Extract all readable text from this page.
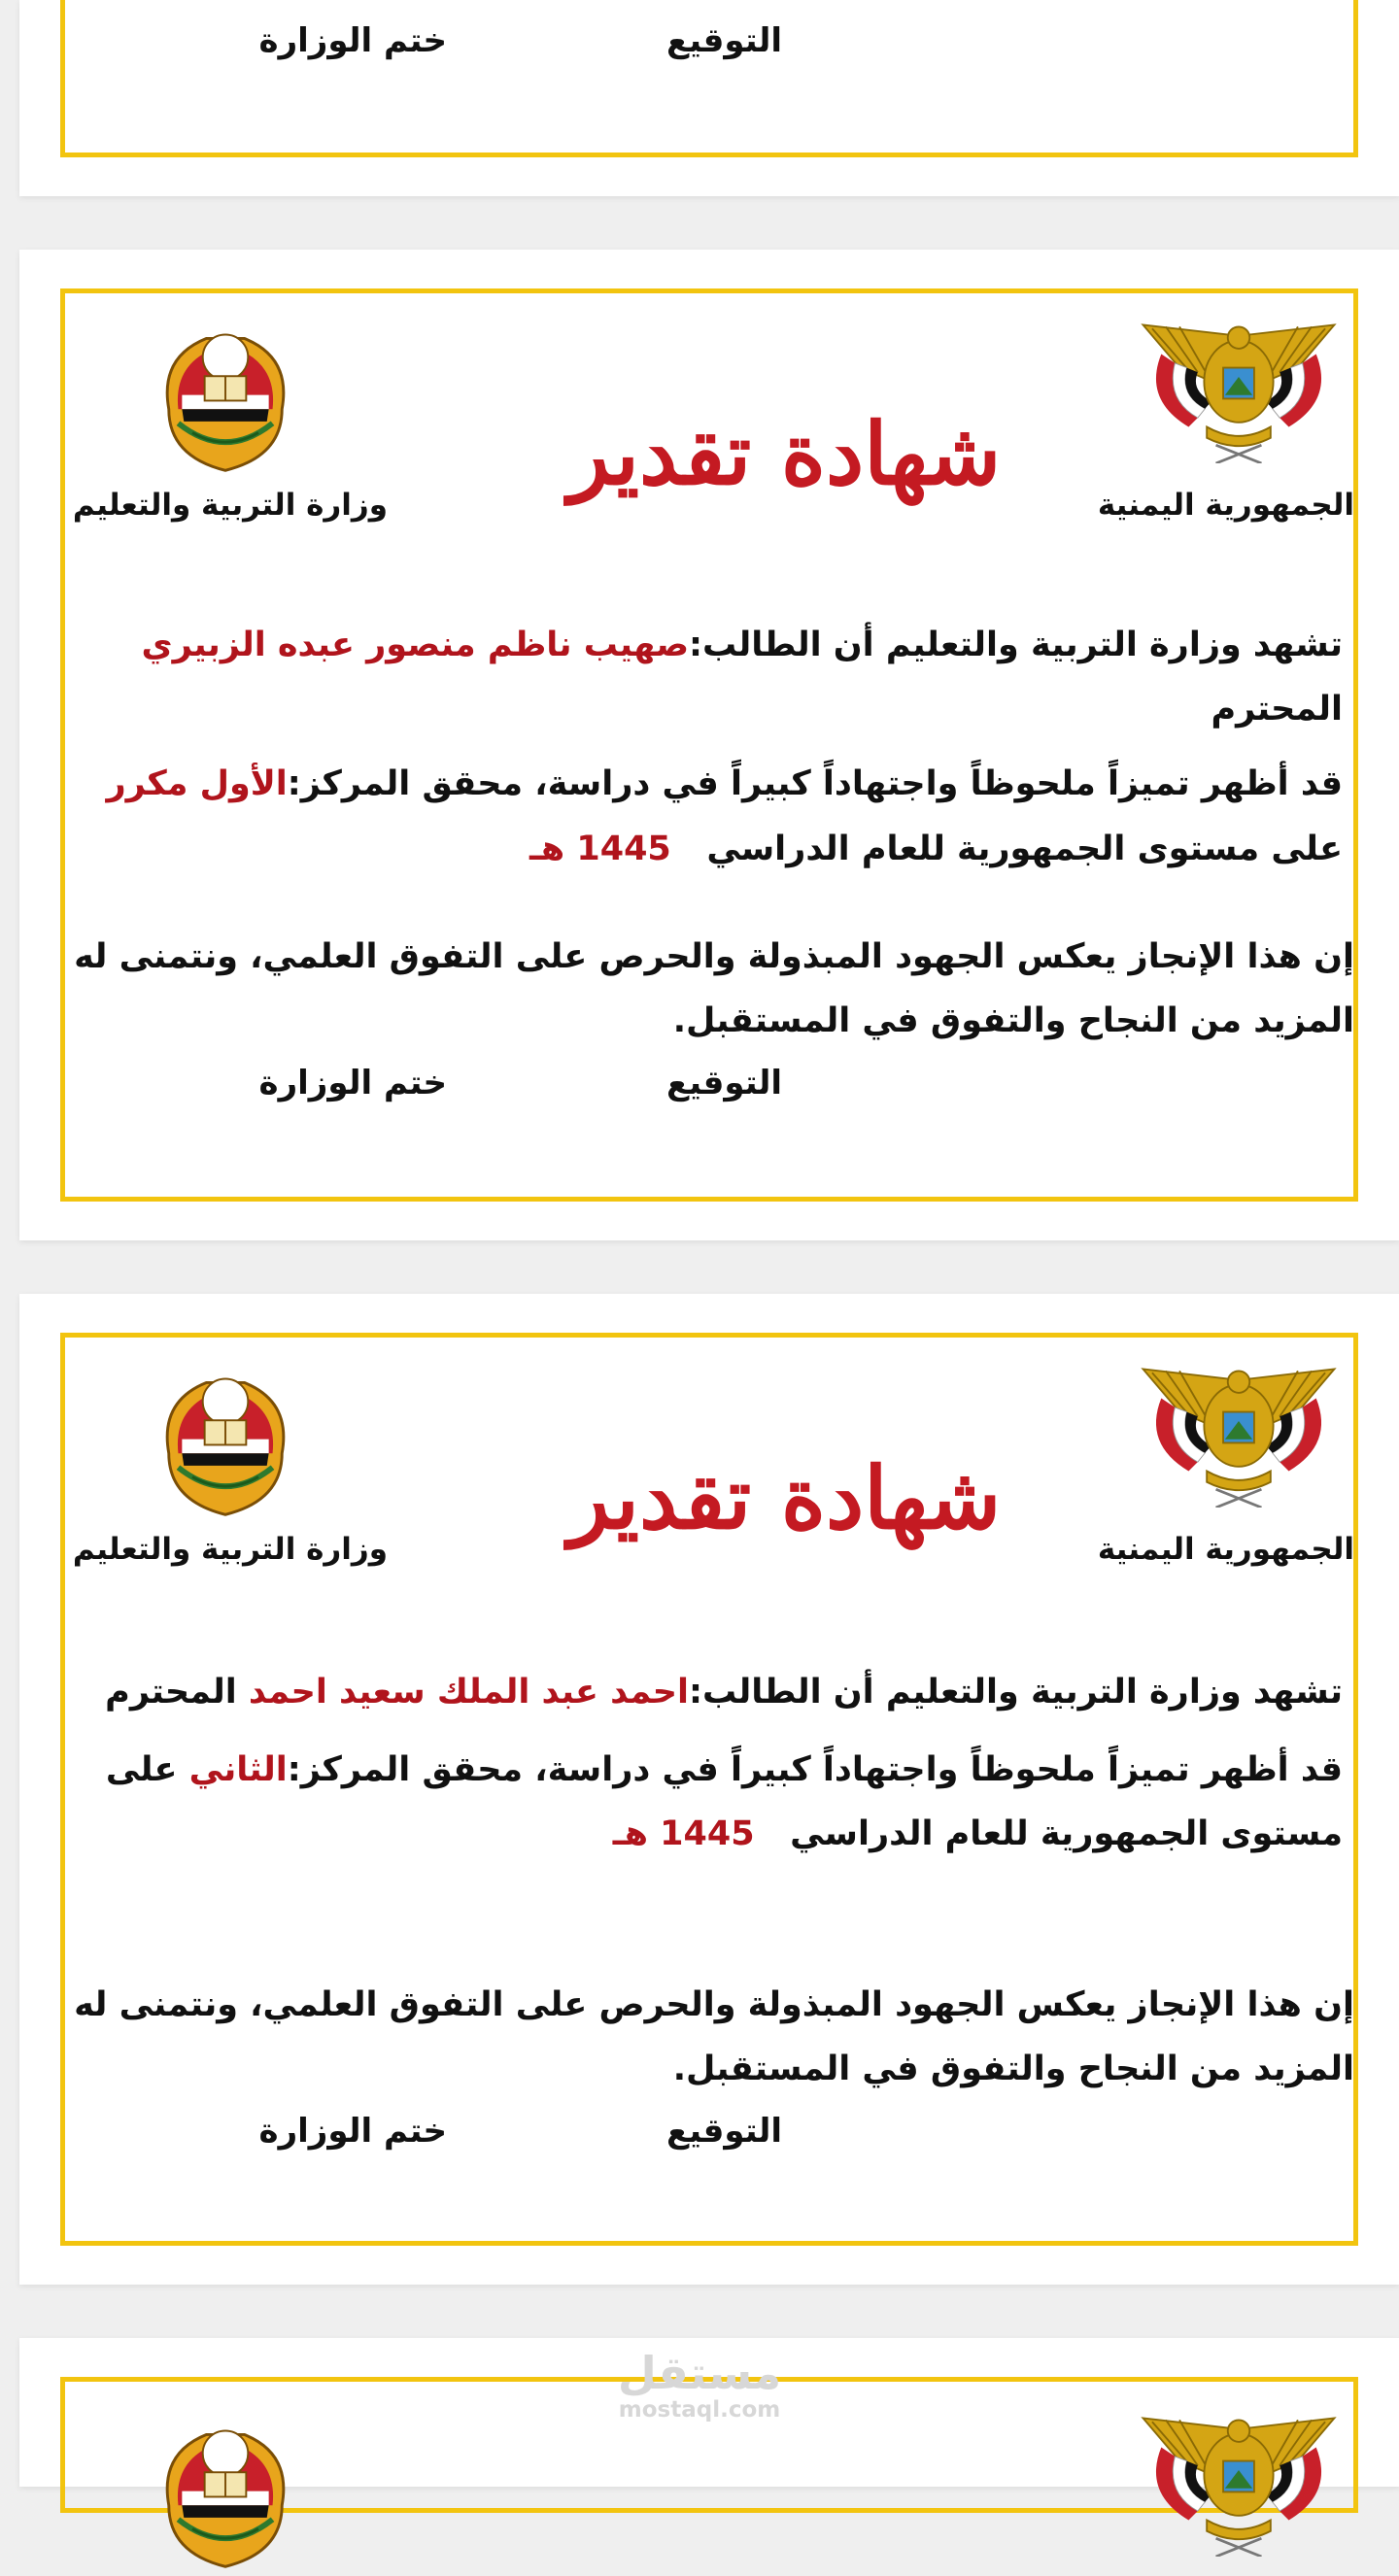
التوقيع
ختم الوزارة
الجمهورية اليمنية
وزارة التربية والتعليم
شهادة تقدير
تشهد وزارة التربية والتعليم أن الطالب:صهيب ناظم منصور عبده الزبيري
المحترم
قد أظهر تميزاً ملحوظاً واجتهاداً كبيراً في دراسة، محقق المركز:الأول مكرر
على مستوى الجمهورية للعام الدراسي   1445 هـ
إن هذا الإنجاز يعكس الجهود المبذولة والحرص على التفوق العلمي، ونتمنى له
المزيد من النجاح والتفوق في المستقبل.
التوقيع
ختم الوزارة
الجمهورية اليمنية
وزارة التربية والتعليم
شهادة تقدير
تشهد وزارة التربية والتعليم أن الطالب:احمد عبد الملك سعيد احمد المحترم
قد أظهر تميزاً ملحوظاً واجتهاداً كبيراً في دراسة، محقق المركز:الثاني على
مستوى الجمهورية للعام الدراسي   1445 هـ
إن هذا الإنجاز يعكس الجهود المبذولة والحرص على التفوق العلمي، ونتمنى له
المزيد من النجاح والتفوق في المستقبل.
التوقيع
ختم الوزارة
مستقل
mostaql.com
